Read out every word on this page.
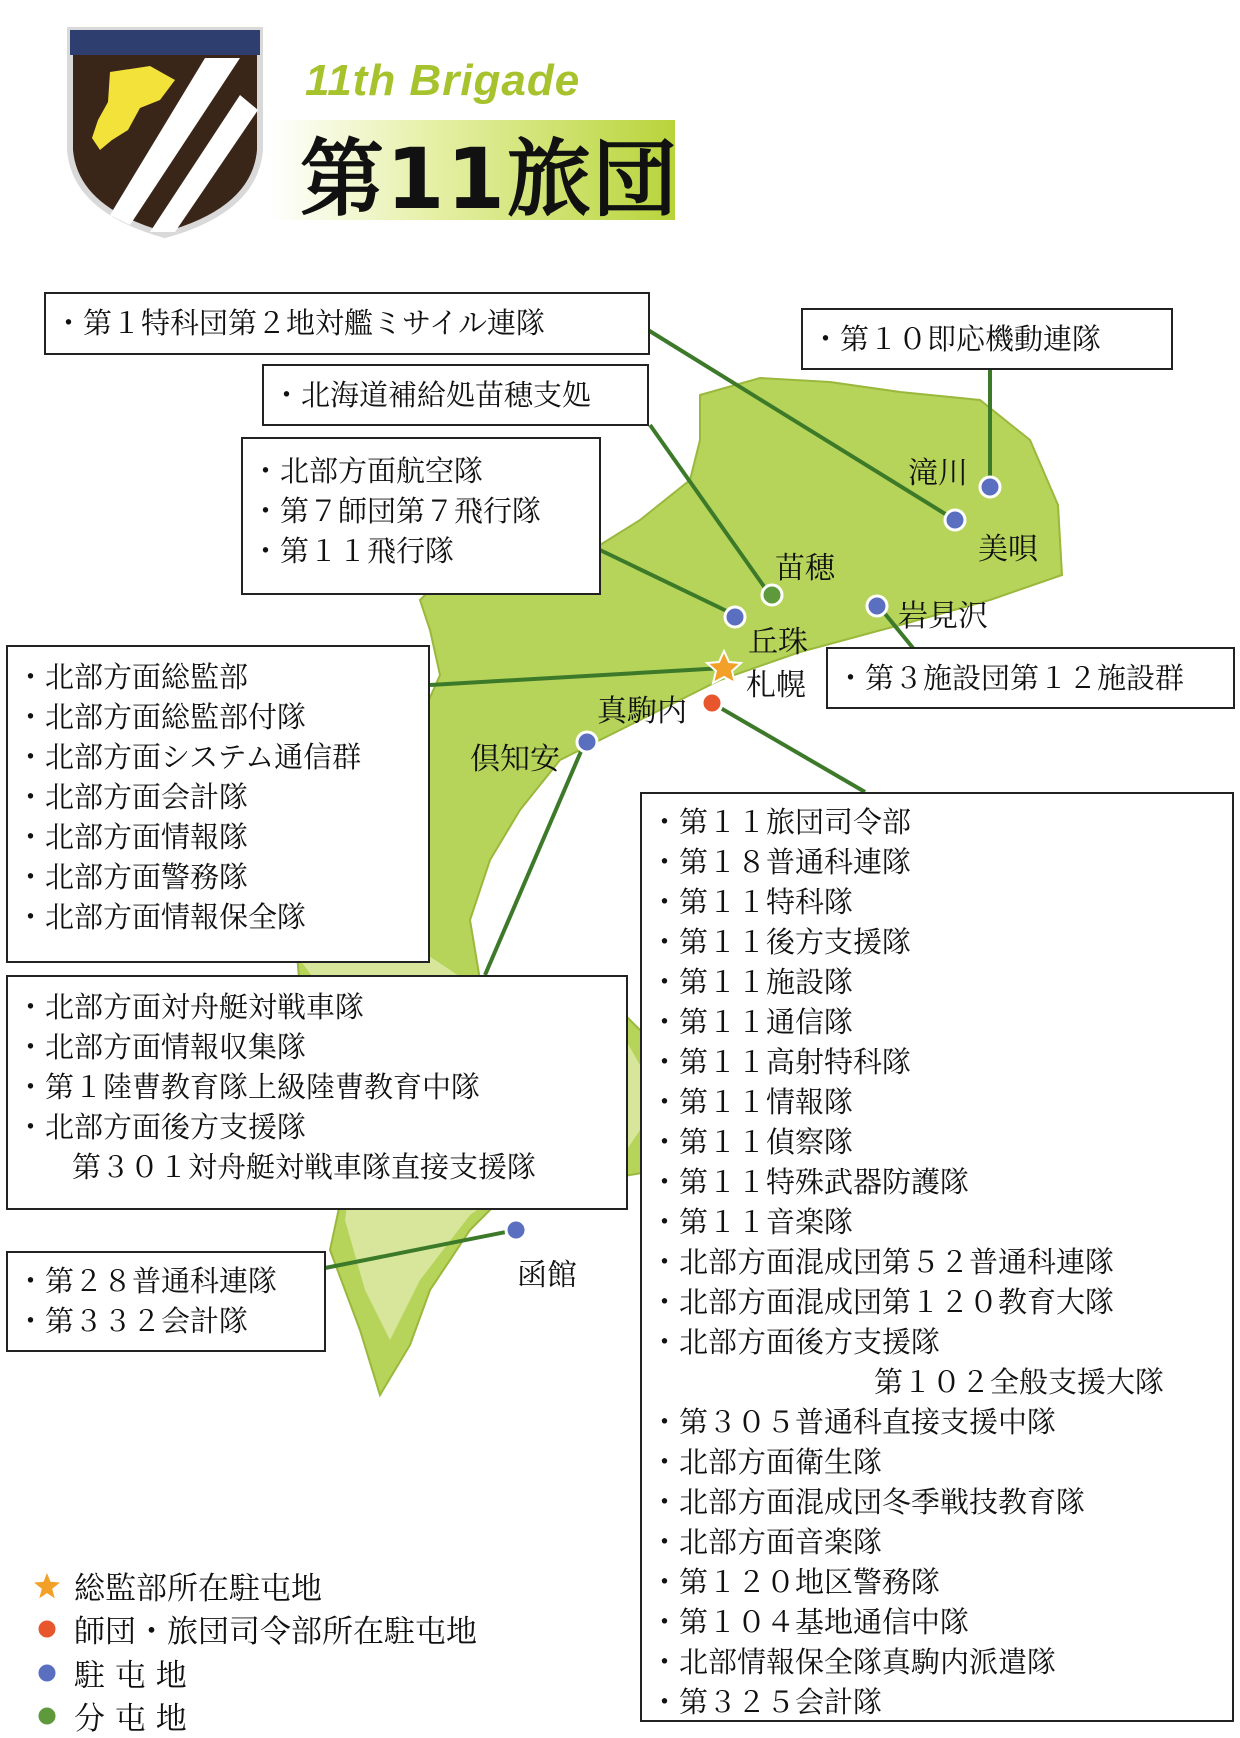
11th Brigade
第11旅団
滝川
美唄
苗穂
岩見沢
丘珠
札幌
真駒内
倶知安
函館
・第１特科団第２地対艦ミサイル連隊	・第１０即応機動連隊
・北海道補給処苗穂支処
・北部方面航空隊
・第７師団第７飛行隊
・第１１飛行隊
・第３施設団第１２施設群
・北部方面総監部
・北部方面総監部付隊
・北部方面システム通信群
・北部方面会計隊
・北部方面情報隊
・北部方面警務隊
・北部方面情報保全隊
・北部方面対舟艇対戦車隊
・北部方面情報収集隊
・第１陸曹教育隊上級陸曹教育中隊
・北部方面後方支援隊
第３０１対舟艇対戦車隊直接支援隊
・第２８普通科連隊
・第３３２会計隊
・第１１旅団司令部
・第１８普通科連隊
・第１１特科隊
・第１１後方支援隊
・第１１施設隊
・第１１通信隊
・第１１高射特科隊
・第１１情報隊
・第１１偵察隊
・第１１特殊武器防護隊
・第１１音楽隊
・北部方面混成団第５２普通科連隊
・北部方面混成団第１２０教育大隊
・北部方面後方支援隊
第１０２全般支援大隊
・第３０５普通科直接支援中隊
・北部方面衛生隊
・北部方面混成団冬季戦技教育隊
・北部方面音楽隊
・第１２０地区警務隊
・第１０４基地通信中隊
・北部情報保全隊真駒内派遣隊
・第３２５会計隊
総監部所在駐屯地
師団・旅団司令部所在駐屯地
駐 屯 地
分 屯 地
